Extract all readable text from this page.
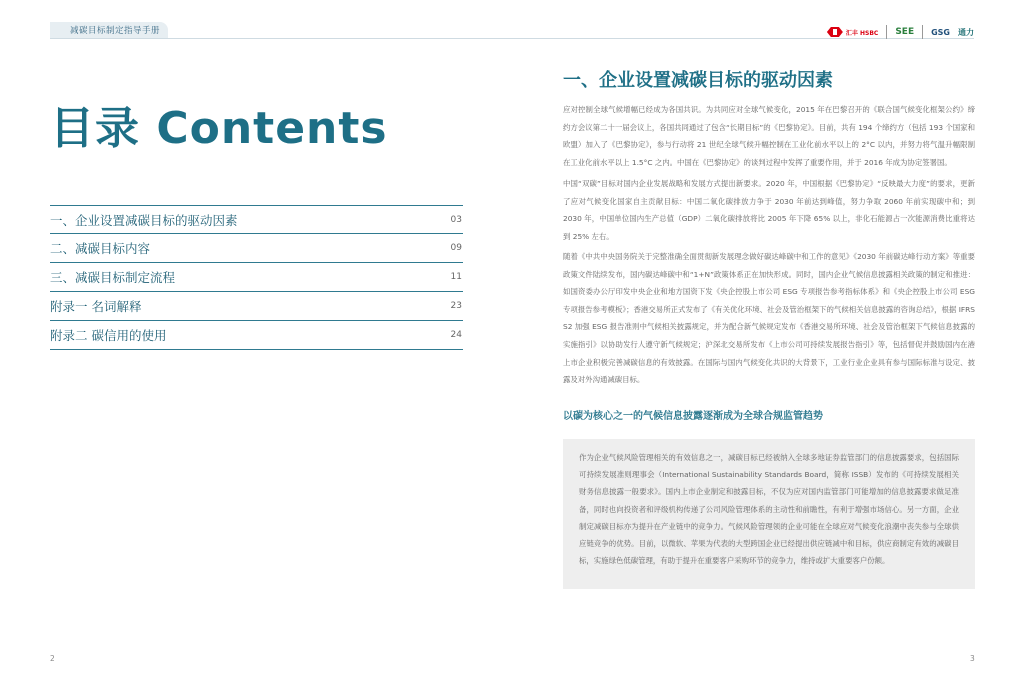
减碳目标制定指导手册	汇丰 HSBC SEE GSG 通力
目录 Contents
一、企业设置减碳目标的驱动因素	03
二、减碳目标内容	09
三、减碳目标制定流程	11
附录一 名词解释	23
附录二 碳信用的使用	24
一、企业设置减碳目标的驱动因素
应对控制全球气候增幅已经成为各国共识。为共同应对全球气候变化，2015 年在巴黎召开的《联合国气候变化框架公约》缔约方会议第二十一届会议上，各国共同通过了包含“长期目标”的《巴黎协定》。目前，共有 194 个缔约方（包括 193 个国家和欧盟）加入了《巴黎协定》，参与行动将 21 世纪全球气候升幅控制在工业化前水平以上的 2°C 以内，并努力将气温升幅限制在工业化前水平以上 1.5°C 之内。中国在《巴黎协定》的谈判过程中发挥了重要作用，并于 2016 年成为协定签署国。
中国“双碳”目标对国内企业发展战略和发展方式提出新要求。2020 年，中国根据《巴黎协定》“反映最大力度”的要求，更新了应对气候变化国家自主贡献目标：中国二氧化碳排放力争于 2030 年前达到峰值，努力争取 2060 年前实现碳中和；到 2030 年，中国单位国内生产总值（GDP）二氧化碳排放将比 2005 年下降 65% 以上，非化石能源占一次能源消费比重将达到 25% 左右。
随着《中共中央国务院关于完整准确全面贯彻新发展理念做好碳达峰碳中和工作的意见》《2030 年前碳达峰行动方案》等重要政策文件陆续发布，国内碳达峰碳中和“1+N”政策体系正在加快形成。同时，国内企业气候信息披露相关政策的制定和推进：如国资委办公厅印发中央企业和地方国资下发《央企控股上市公司 ESG 专项报告参考指标体系》和《央企控股上市公司 ESG 专项报告参考模板》；香港交易所正式发布了《有关优化环境、社会及管治框架下的气候相关信息披露的咨询总结》，根据 IFRS S2 加强 ESG 报告准则中气候相关披露规定，并为配合新气候规定发布《香港交易所环境、社会及管治框架下气候信息披露的实施指引》以协助发行人遵守新气候规定；沪深北交易所发布《上市公司可持续发展报告指引》等，包括督促并鼓励国内在港上市企业积极完善减碳信息的有效披露。在国际与国内气候变化共识的大背景下，工业行业企业具有参与国际标准与设定、披露及对外沟通减碳目标。
以碳为核心之一的气候信息披露逐渐成为全球合规监管趋势

作为企业气候风险管理相关的有效信息之一，减碳目标已经被纳入全球多地证券监管部门的信息披露要求，包括国际可持续发展准则理事会（International Sustainability Standards Board，简称 ISSB）发布的《可持续发展相关财务信息披露一般要求》。国内上市企业制定和披露目标，不仅为应对国内监管部门可能增加的信息披露要求做足准备，同时也向投资者和评级机构传递了公司风险管理体系的主动性和前瞻性，有利于增强市场信心。另一方面，企业制定减碳目标亦为提升在产业链中的竞争力。气候风险管理领的企业可能在全球应对气候变化浪潮中丧失参与全球供应链竞争的优势。目前，以微软、苹果为代表的大型跨国企业已经提出供应链减中和目标，供应商制定有效的减碳目标，实施绿色低碳管理，有助于提升在重要客户采购环节的竞争力，维持或扩大重要客户份额。

2	3
